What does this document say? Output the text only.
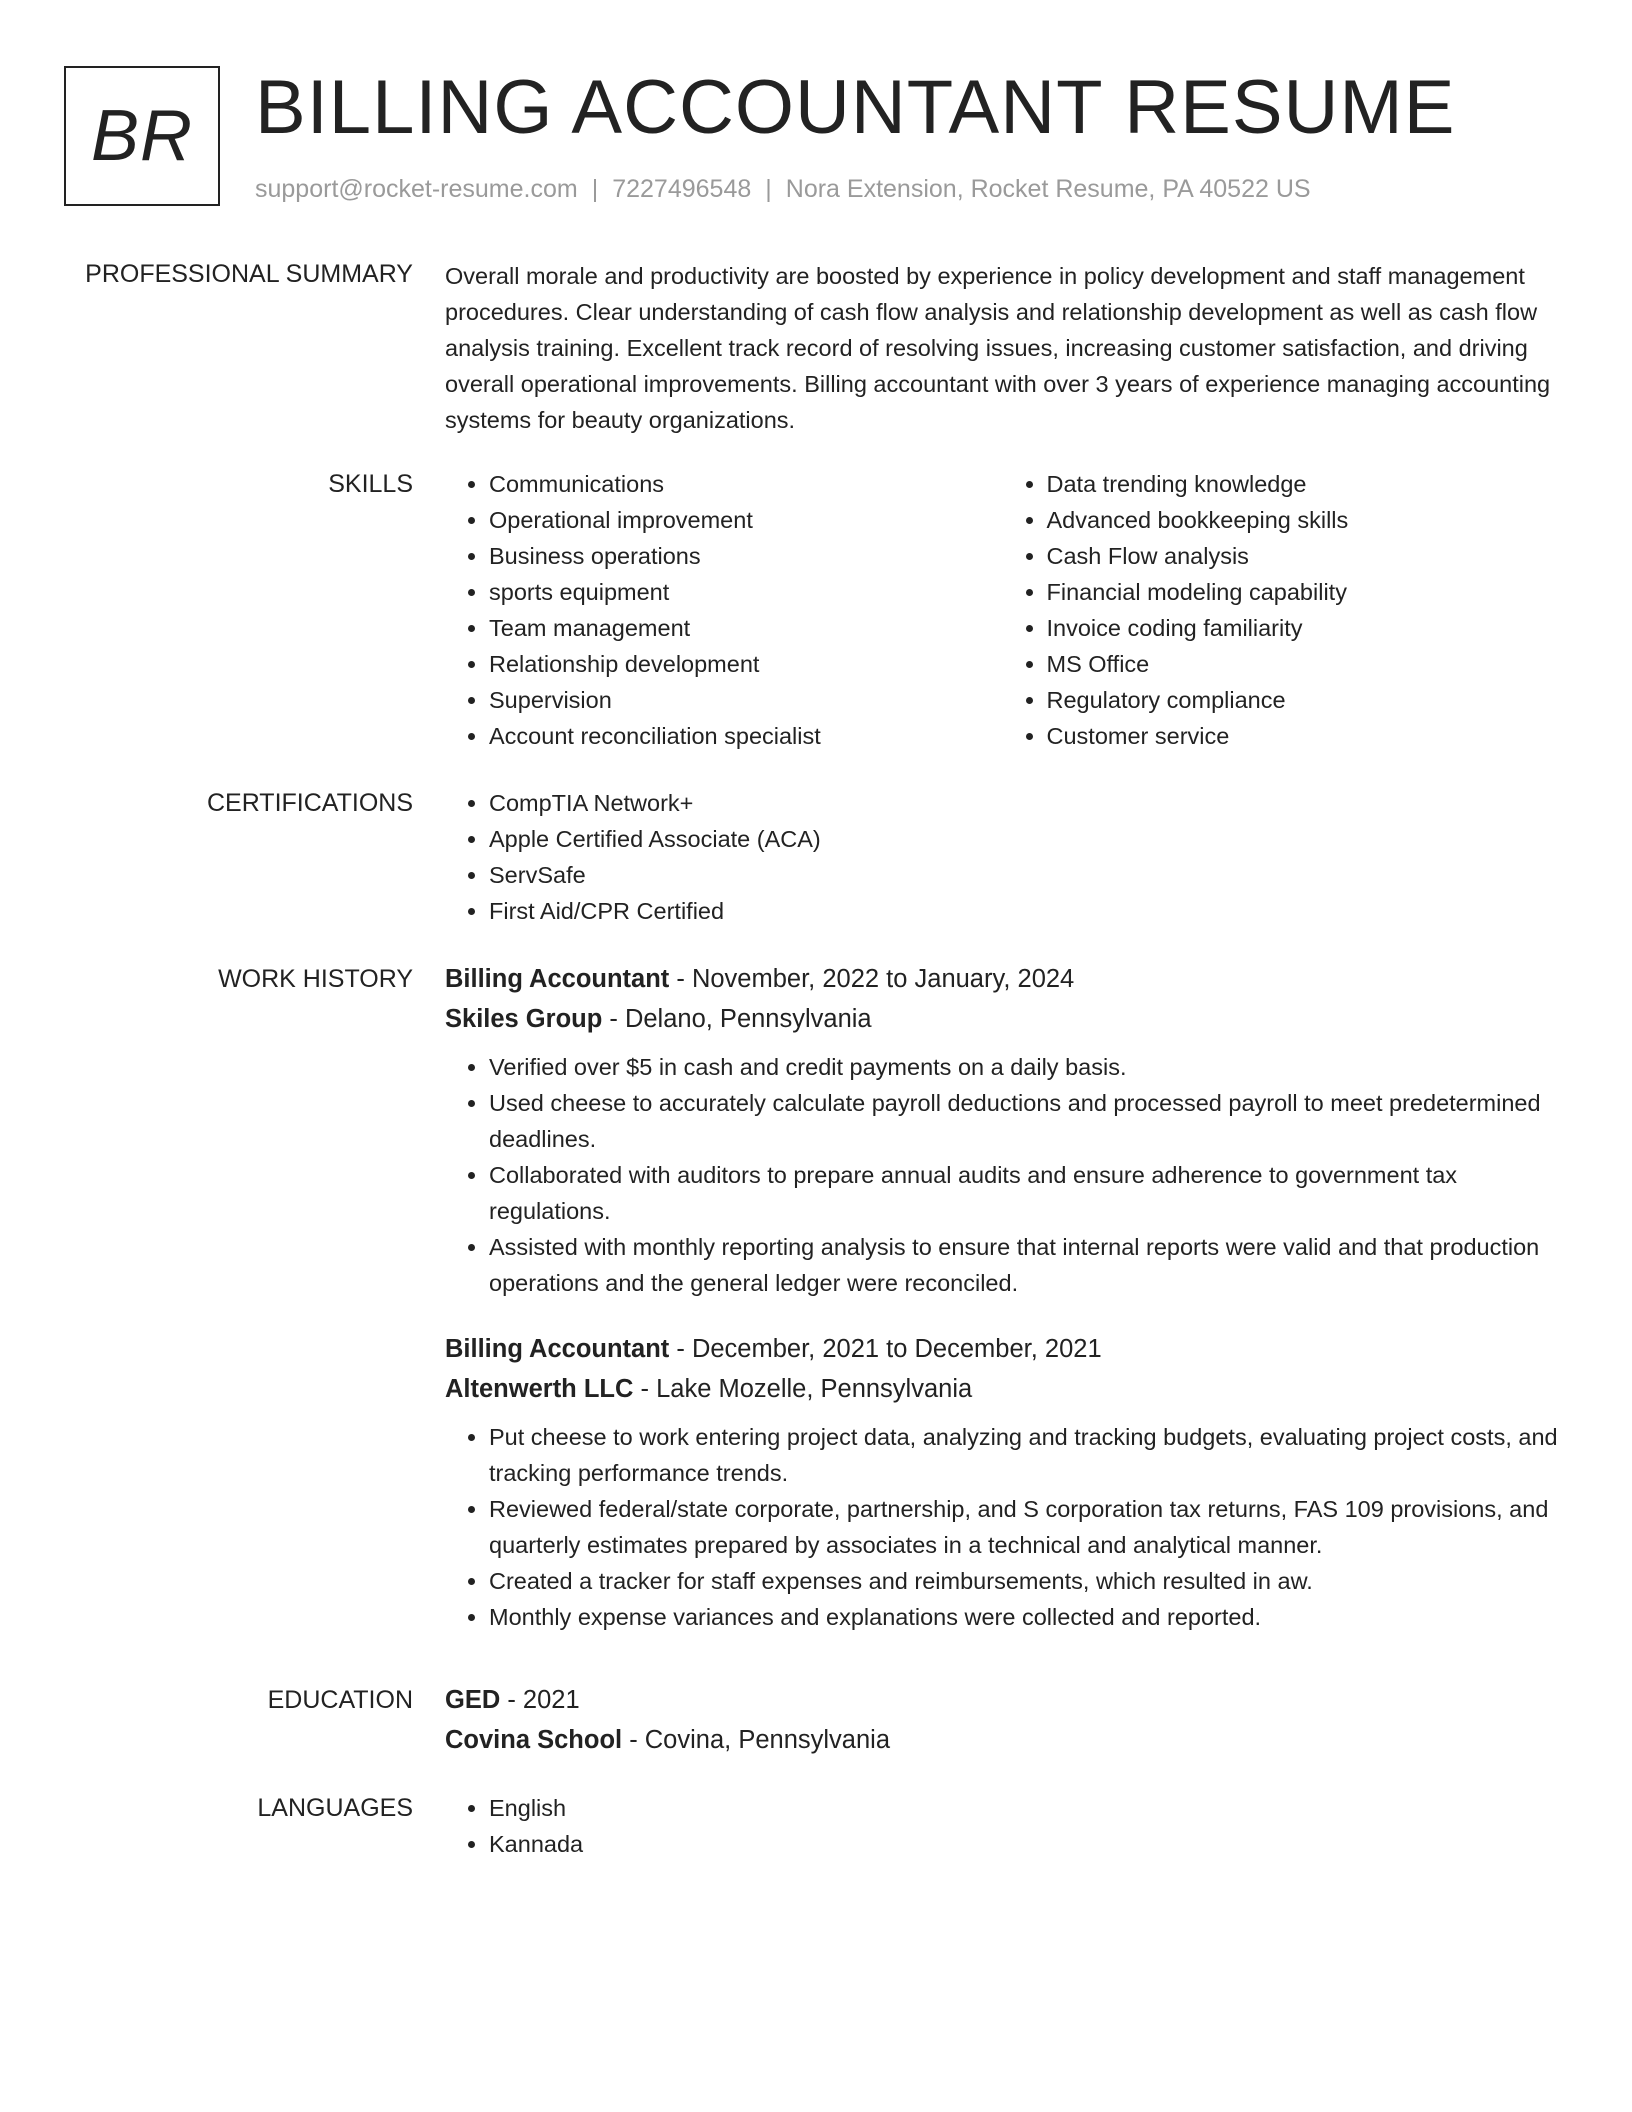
BR BILLING ACCOUNTANT RESUME
support@rocket-resume.com | 7227496548 | Nora Extension, Rocket Resume, PA 40522 US
PROFESSIONAL SUMMARY Overall morale and productivity are boosted by experience in policy development and staff management procedures. Clear understanding of cash flow analysis and relationship development as well as cash flow analysis training. Excellent track record of resolving issues, increasing customer satisfaction, and driving overall operational improvements. Billing accountant with over 3 years of experience managing accounting systems for beauty organizations.

SKILLS	• Communications
• Operational improvement
• Business operations
• sports equipment
• Team management
• Relationship development
• Supervision
• Account reconciliation specialist
• Data trending knowledge
• Advanced bookkeeping skills
• Cash Flow analysis
• Financial modeling capability
• Invoice coding familiarity
• MS Office
• Regulatory compliance
• Customer service
CERTIFICATIONS	• CompTIA Network+
• Apple Certified Associate (ACA)
• ServSafe
• First Aid/CPR Certified
WORK HISTORY Billing Accountant - November, 2022 to January, 2024
Skiles Group - Delano, Pennsylvania
• Verified over $5 in cash and credit payments on a daily basis.
• Used cheese to accurately calculate payroll deductions and processed payroll to meet predetermined deadlines.
• Collaborated with auditors to prepare annual audits and ensure adherence to government tax regulations.
• Assisted with monthly reporting analysis to ensure that internal reports were valid and that production operations and the general ledger were reconciled.
Billing Accountant - December, 2021 to December, 2021
Altenwerth LLC - Lake Mozelle, Pennsylvania
• Put cheese to work entering project data, analyzing and tracking budgets, evaluating project costs, and tracking performance trends.
• Reviewed federal/state corporate, partnership, and S corporation tax returns, FAS 109 provisions, and quarterly estimates prepared by associates in a technical and analytical manner.
• Created a tracker for staff expenses and reimbursements, which resulted in aw.
• Monthly expense variances and explanations were collected and reported.
EDUCATION GED - 2021
Covina School - Covina, Pennsylvania
LANGUAGES	• English
• Kannada
